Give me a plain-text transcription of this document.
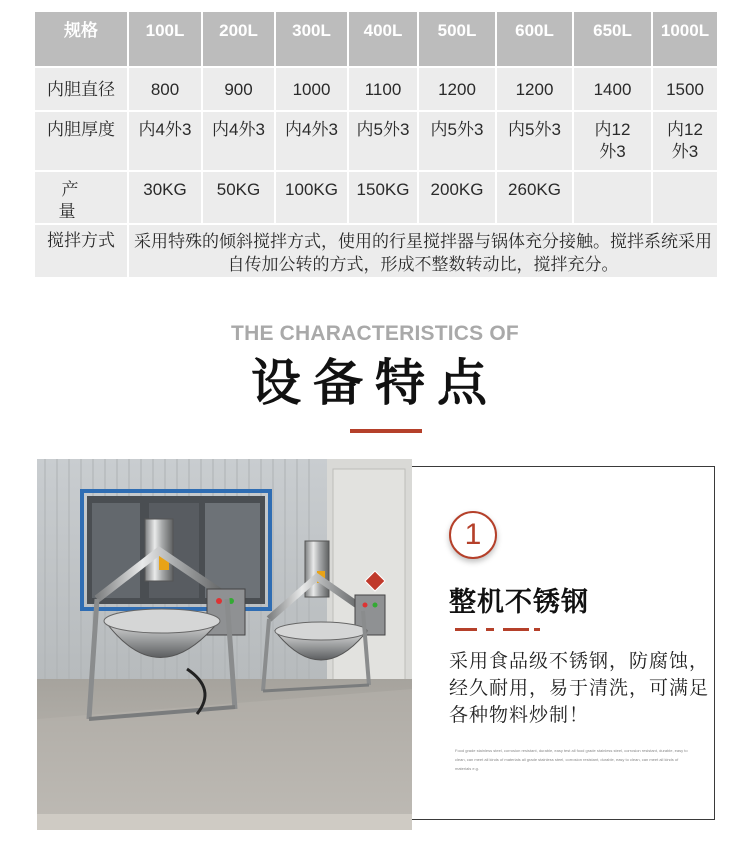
规格	100L	200L	300L	400L	500L	600L	650L	1000L
内胆直径	800	900	1000	1100	1200	1200	1400	1500
内胆厚度	内4外3	内4外3	内4外3	内5外3	内5外3	内5外3	内12外3	内12外3
产量	30KG	50KG	100KG	150KG	200KG	260KG		
搅拌方式	采用特殊的倾斜搅拌方式，使用的行星搅拌器与锅体充分接触。搅拌系统采用自传加公转的方式，形成不整数转动比，搅拌充分。							
THE CHARACTERISTICS OF
设备特点
1
整机不锈钢
采用食品级不锈钢，防腐蚀，经久耐用，易于清洗，可满足各种物料炒制！
Food grade stainless steel, corrosion resistant, durable, easy test all food grade stainless steel, corrosion resistant, durable, easy to clean, can meet all kinds of materials all grade stainless steel, corrosion resistant, durable, easy to clean, can meet all kinds of materials e.g.
